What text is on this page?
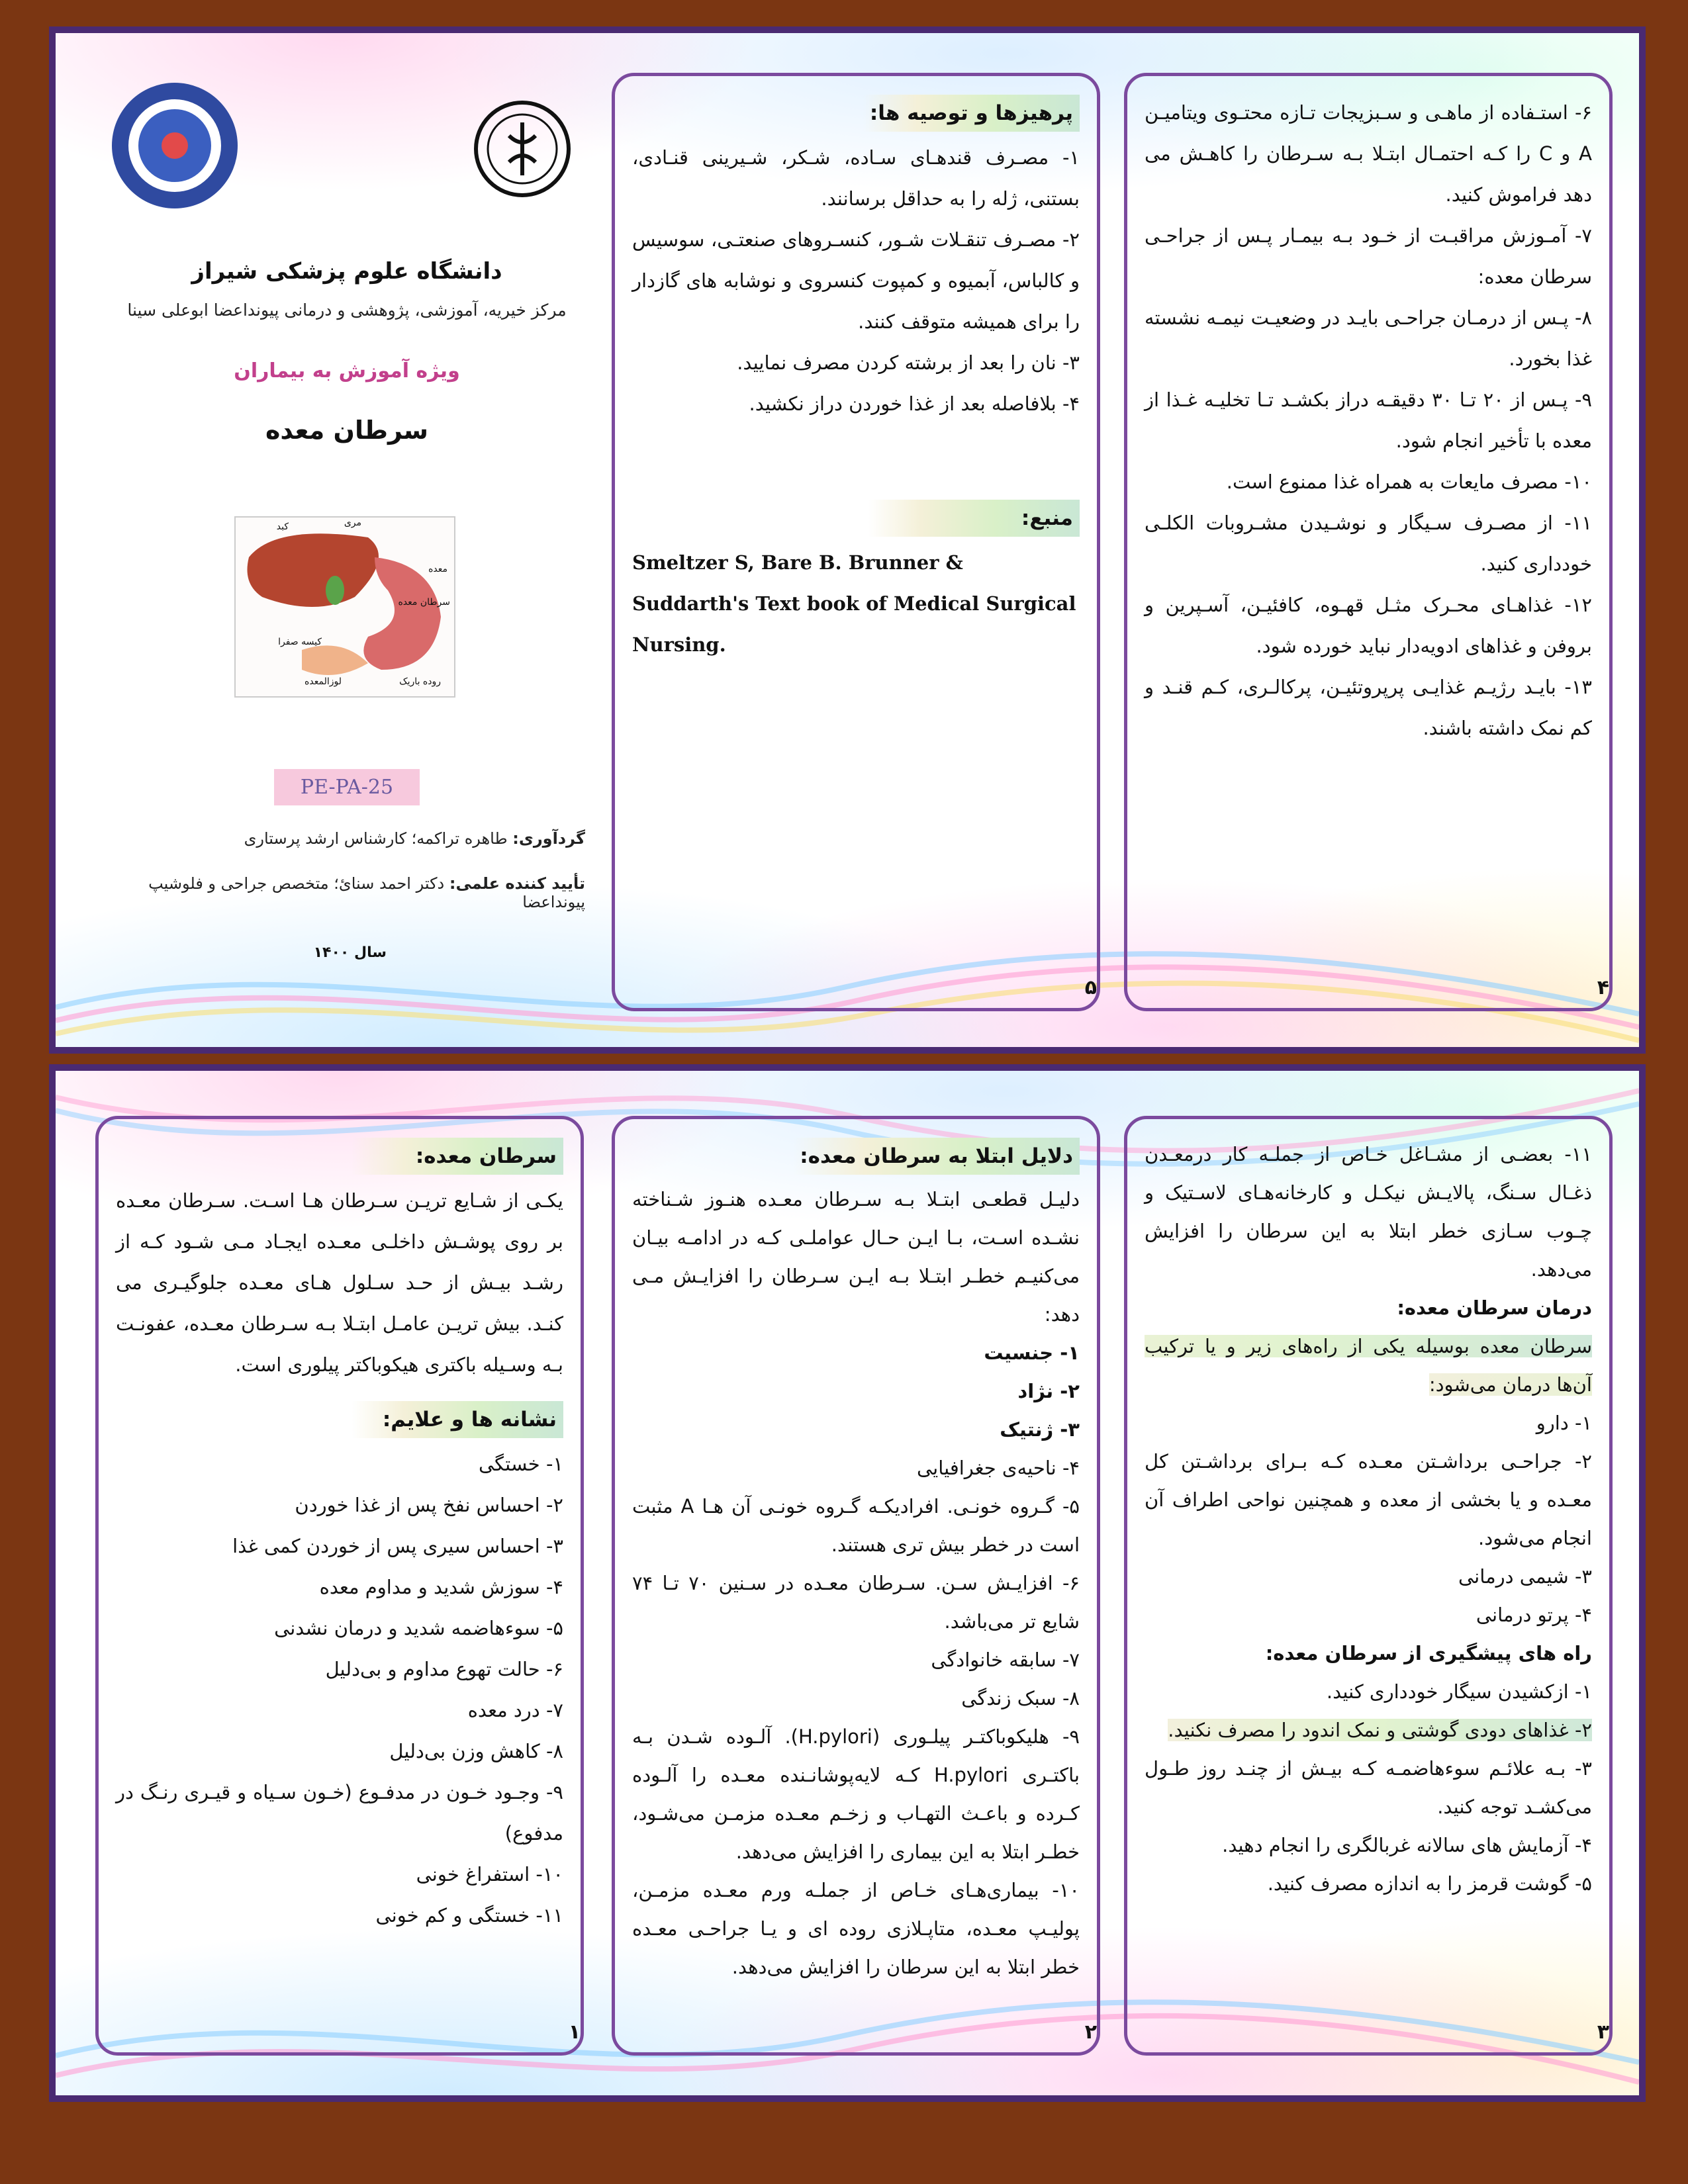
دانشگاه علوم پزشکی شیراز
مرکز خیریه، آموزشی، پژوهشی و درمانی پیونداعضا ابوعلی سینا
ویژه آموزش به بیماران
سرطان معده
کبد	مری
معده
سرطان معده
کیسه صفرا
روده باریک
لوزالمعده
PE-PA-25
گردآوری: طاهره تراکمه؛ کارشناس ارشد پرستاری
تأیید کننده علمی: دکتر احمد سنائ؛ متخصص جراحی و فلوشیپ پیونداعضا
سال ۱۴۰۰
پرهیزها و توصیه ها:

۱- مصـرف قندهـای سـاده، شـکر، شـیرینی قنـادی، بستنی، ژله را به حداقل برسانند.

۲- مصـرف تنقـلات شـور، کنسـروهای صنعتـی، سوسیس و کالباس، آبمیوه و کمپوت کنسروی و نوشابه های گازدار را برای همیشه متوقف کنند.

۳- نان را بعد از برشته کردن مصرف نمایید.

۴- بلافاصله بعد از غذا خوردن دراز نکشید.

منبع:

Smeltzer S, Bare B. Brunner & Suddarth's Text book of Medical Surgical Nursing.

۵

۶- استـفاده از ماهـی و سـبزیجات تـازه محتـوی ویتامیـن A و C را کـه احتمـال ابتـلا بـه سـرطان را کاهـش می دهد فراموش کنید.

۷- آمـوزش مراقبـت از خـود بـه بیمـار پـس از جراحـی سرطان معده:

۸- پـس از درمـان جراحـی بایـد در وضعیـت نیمـه نشسته غذا بخورد.

۹- پـس از ۲۰ تـا ۳۰ دقیقـه دراز بکشـد تـا تخلیـه غـذا از معده با تأخیر انجام شود.

۱۰- مصرف مایعات به همراه غذا ممنوع است.

۱۱- از مصـرف سـیگار و نوشـیدن مشـروبات الکلـی خودداری کنید.

۱۲- غذاهـای محـرک مثـل قهـوه، کافئیـن، آسـپرین و بروفن و غذاهای ادویه‌دار نباید خورده شود.

۱۳- بایـد رژیـم غذایـی پرپروتئیـن، پرکالـری، کـم قنـد و کم نمک داشته باشند.

۴
سرطان معده:

یکـی از شـایع تریـن سـرطان هـا اسـت. سـرطان معـده بر روی پوشـش داخلـی معـده ایجـاد مـی شـود کـه از رشـد بیـش از حـد سـلول هـای معـده جلوگیـری می کنـد. بیش تریـن عامـل ابتـلا بـه سـرطان معـده، عفونـت بـه وسـیله باکتری هیکوباکتر پیلوری است.

نشانه ها و علایم:

۱- خستگی

۲- احساس نفخ پس از غذا خوردن

۳- احساس سیری پس از خوردن کمی غذا

۴- سوزش شدید و مداوم معده

۵- سوءهاضمه شدید و درمان نشدنی

۶- حالت تهوع مداوم و بی‌دلیل

۷- درد معده

۸- کاهش وزن بی‌دلیل

۹- وجـود خـون در مدفـوع (خـون سـیاه و قیـری رنـگ در مدفوع)

۱۰- استفراغ خونی

۱۱- خستگی و کم خونی

۱
دلایل ابتلا به سرطان معده:

دلیـل قطعـی ابتـلا بـه سـرطان معـده هنـوز شـناخته نشـده اسـت، بـا ایـن حـال عواملـی کـه در ادامـه بیـان می‌کنیـم خطـر ابتـلا بـه ایـن سـرطان را افزایـش مـی دهد:

۱- جنسیت

۲- نژاد

۳- ژنتیک

۴- ناحیه‌ی جغرافیایی

۵- گـروه خونـی. افرادیکـه گـروه خونـی آن هـا A مثبت است در خطر بیش تری هستند.

۶- افزایـش سـن. سـرطان معـده در سـنین ۷۰ تـا ۷۴ شایع تر می‌باشد.

۷- سابقه خانوادگی

۸- سبک زندگی

۹- هلیکوباکتـر پیلـوری (H.pylori). آلـوده شـدن بـه باکتـری H.pylori کـه لایه‌پوشانـنده معـده را آلـوده کـرده و باعـث التهـاب و زخـم معـده مزمـن می‌شـود، خطـر ابتلا به این بیماری را افزایش می‌دهد.

۱۰- بیماری‌هـای خـاص از جملـه ورم معـده مزمـن، پولیـپ معـده، متاپـلازی روده ای و یـا جراحـی معـده خطر ابتلا به این سرطان را افزایش می‌دهد.

۲

۱۱- بعضـی از مشـاغل خـاص از جملـه کار درمعـدن ذغـال سـنگ، پالایـش نیکـل و کارخانه‌هـای لاسـتیک و چـوب سـازی خطر ابتلا به این سرطان را افزایش می‌دهد.

درمان سرطان معده:

سرطان معده بوسیله یکی از راه‌های زیر و یا ترکیب آن‌ها درمان می‌شود:

۱- دارو

۲- جراحـی برداشـتن معـده کـه بـرای برداشـتن کل معـده و یا بخشی از معده و همچنین نواحی اطراف آن انجام می‌شود.

۳- شیمی درمانی

۴- پرتو درمانی

راه های پیشگیری از سرطان معده:

۱- ازکشیدن سیگار خودداری کنید.

۲- غذاهای دودی گوشتی و نمک اندود را مصرف نکنید.

۳- بـه علائـم سوءهاضمـه کـه بیـش از چنـد روز طـول می‌کشـد توجه کنید.

۴- آزمایش های سالانه غربالگری را انجام دهید.

۵- گوشت قرمز را به اندازه مصرف کنید.

۳
